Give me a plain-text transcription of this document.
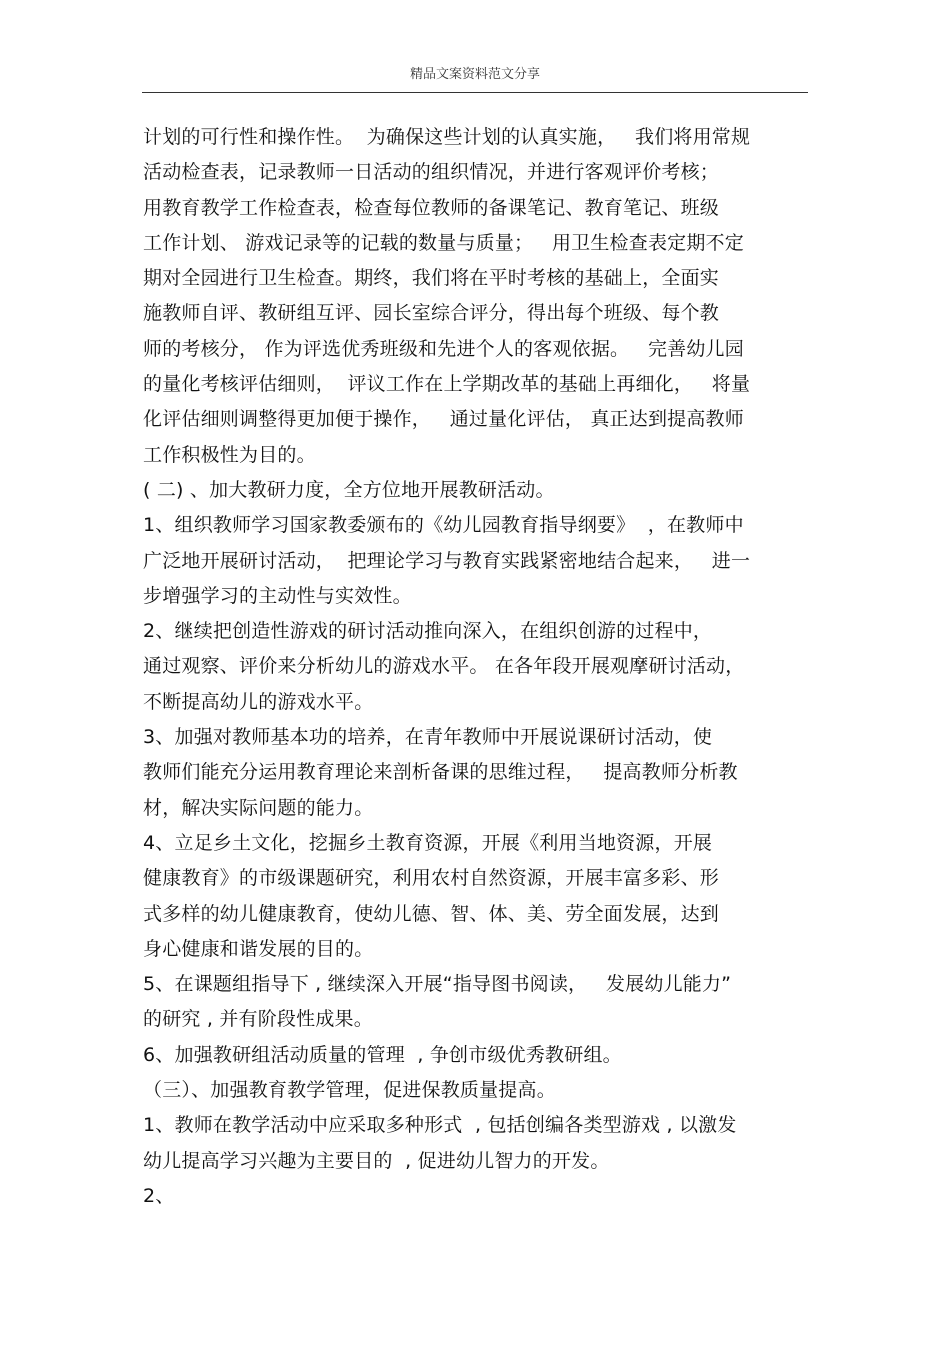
精品文案资料范文分享
计划的可行性和操作性。  为确保这些计划的认真实施，   我们将用常规
活动检查表，记录教师一日活动的组织情况，并进行客观评价考核；
用教育教学工作检查表，检查每位教师的备课笔记、教育笔记、班级
工作计划、 游戏记录等的记载的数量与质量；   用卫生检查表定期不定
期对全园进行卫生检查。期终，我们将在平时考核的基础上，全面实
施教师自评、教研组互评、园长室综合评分，得出每个班级、每个教
师的考核分， 作为评选优秀班级和先进个人的客观依据。   完善幼儿园
的量化考核评估细则，  评议工作在上学期改革的基础上再细化，   将量
化评估细则调整得更加便于操作，   通过量化评估， 真正达到提高教师
工作积极性为目的。
( 二) 、加大教研力度，全方位地开展教研活动。
1、组织教师学习国家教委颁布的《幼儿园教育指导纲要》  ，在教师中
广泛地开展研讨活动，  把理论学习与教育实践紧密地结合起来，   进一
步增强学习的主动性与实效性。
2、继续把创造性游戏的研讨活动推向深入，在组织创游的过程中，
通过观察、评价来分析幼儿的游戏水平。 在各年段开展观摩研讨活动，
不断提高幼儿的游戏水平。
3、加强对教师基本功的培养，在青年教师中开展说课研讨活动，使
教师们能充分运用教育理论来剖析备课的思维过程，   提高教师分析教
材，解决实际问题的能力。
4、立足乡土文化，挖掘乡土教育资源，开展《利用当地资源，开展
健康教育》的市级课题研究，利用农村自然资源，开展丰富多彩、形
式多样的幼儿健康教育，使幼儿德、智、体、美、劳全面发展，达到
身心健康和谐发展的目的。
5、在课题组指导下 , 继续深入开展“指导图书阅读，   发展幼儿能力”
的研究 , 并有阶段性成果。
6、加强教研组活动质量的管理  , 争创市级优秀教研组。
（三）、加强教育教学管理，促进保教质量提高。
1、教师在教学活动中应采取多种形式  , 包括创编各类型游戏 , 以激发
幼儿提高学习兴趣为主要目的  , 促进幼儿智力的开发。
2、
